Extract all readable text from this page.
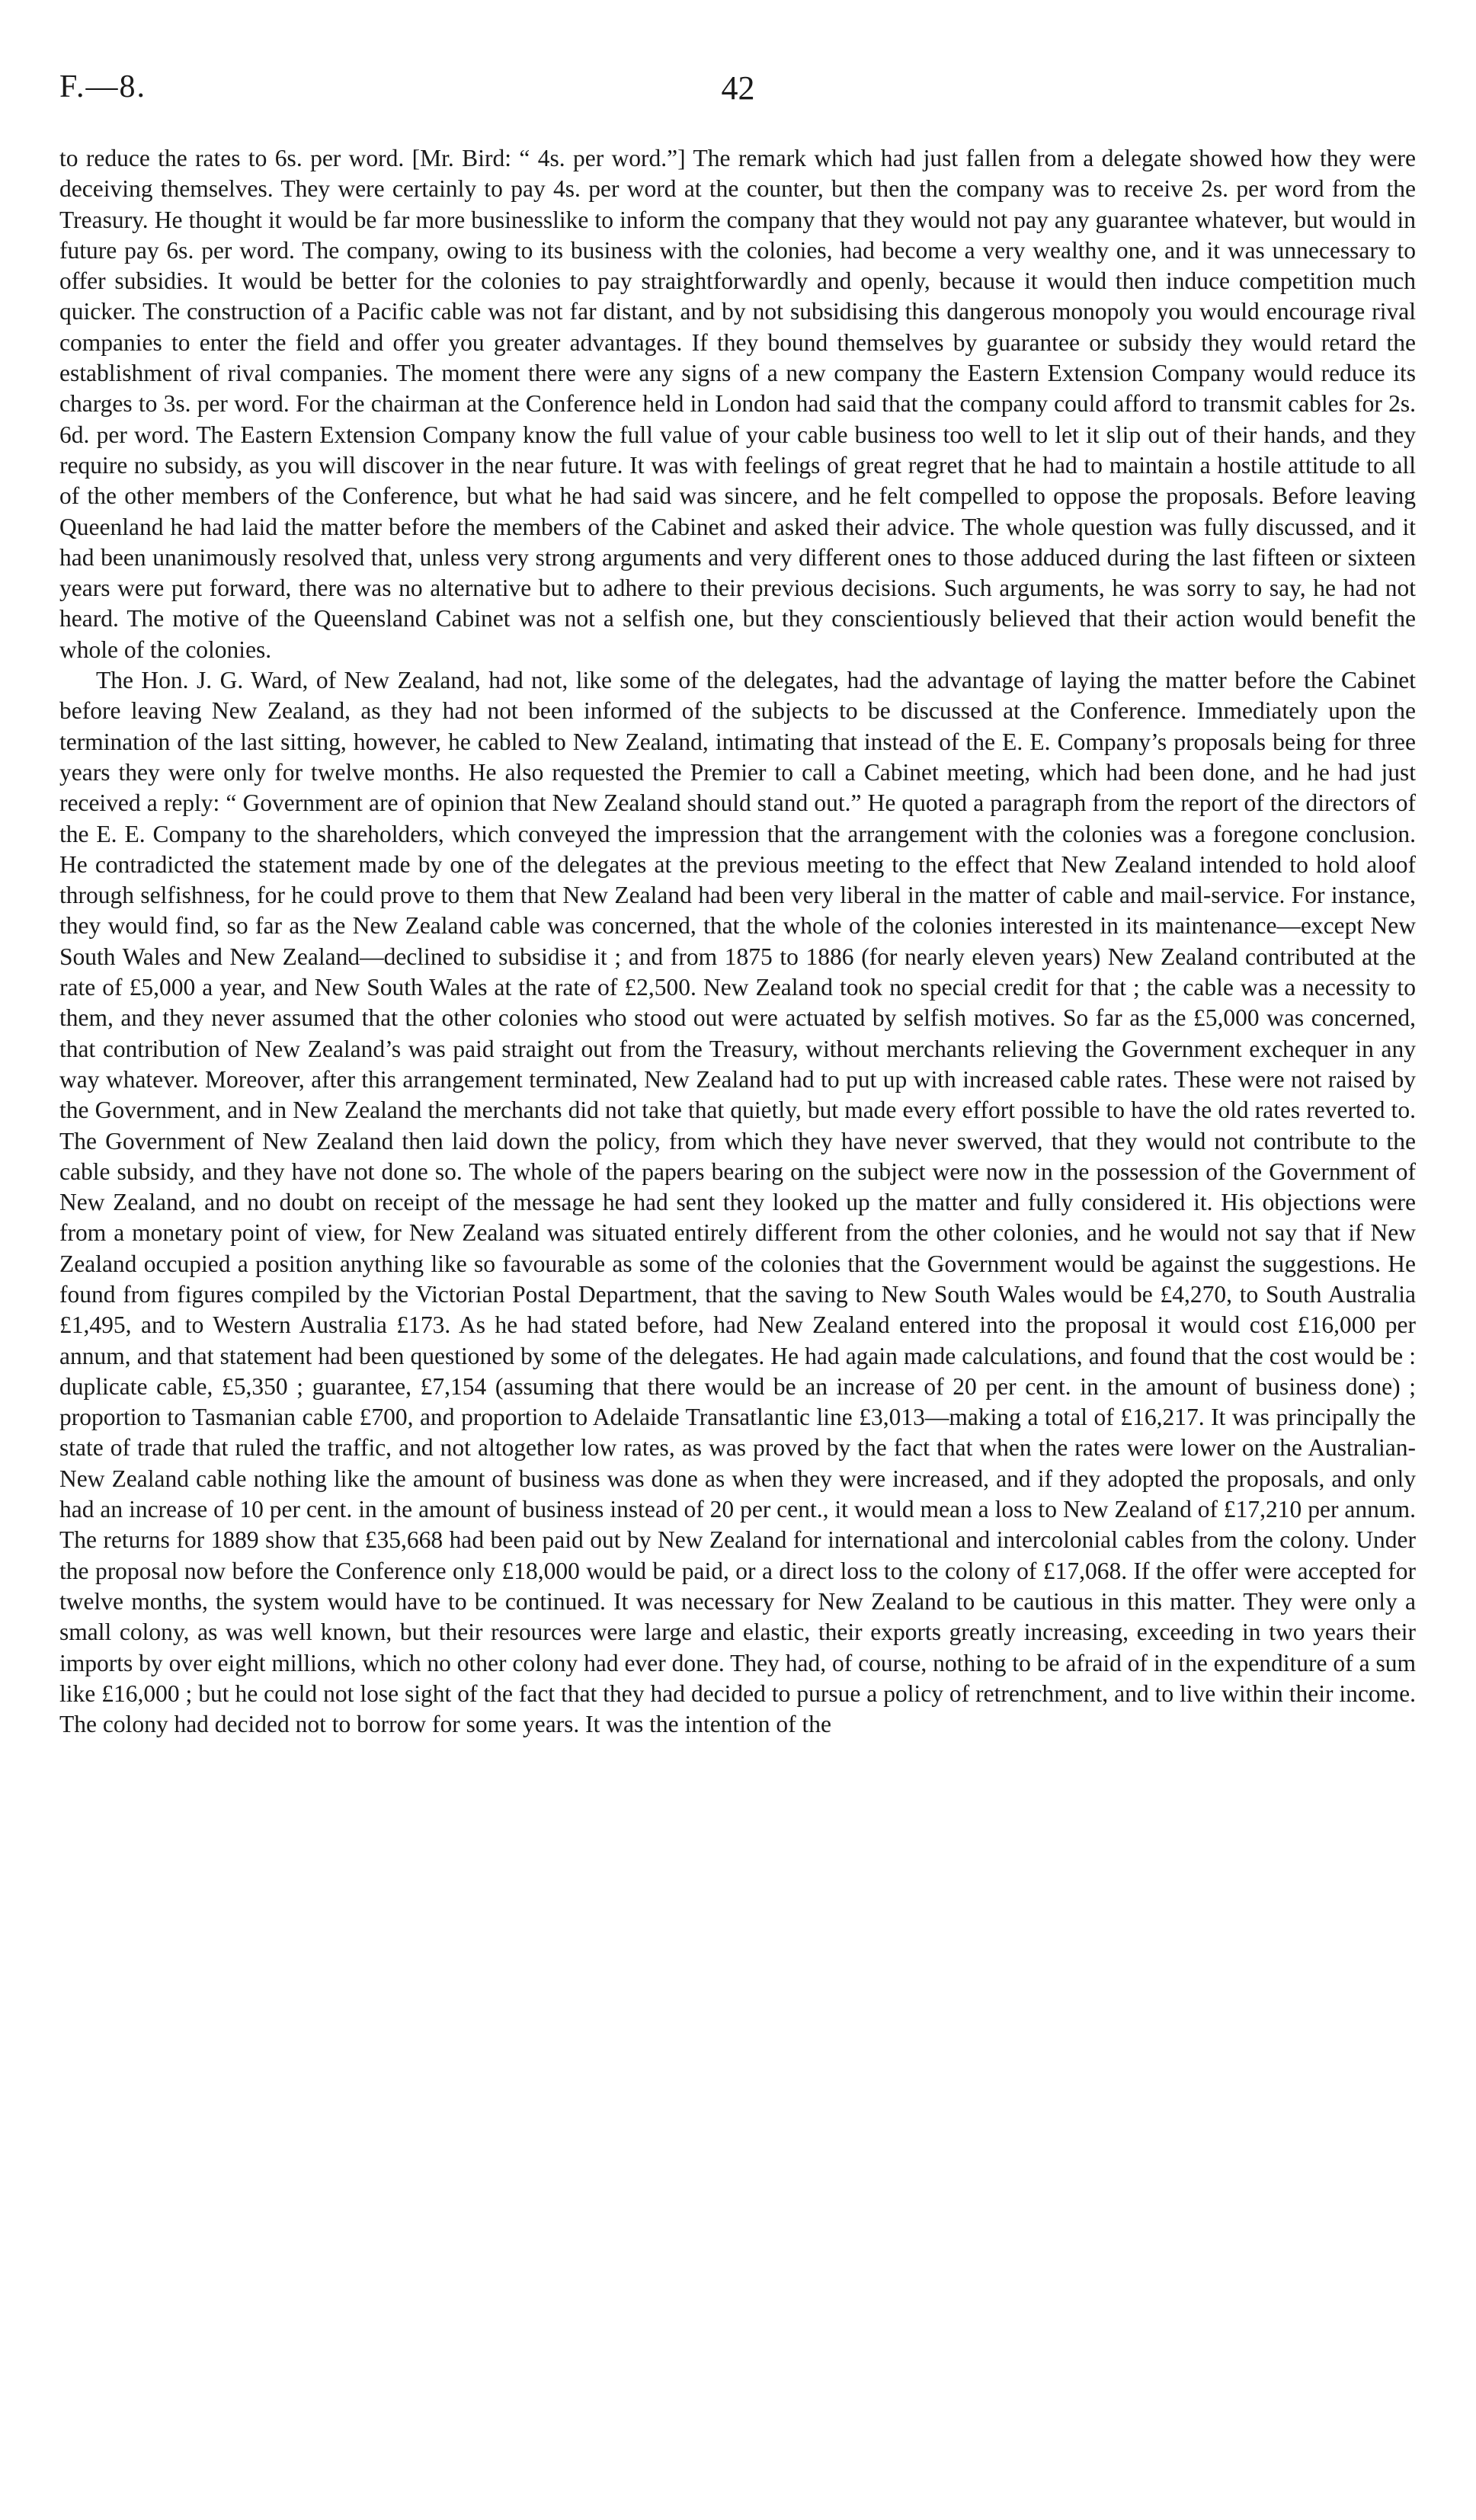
F.—8.	42

to reduce the rates to 6s. per word. [Mr. Bird: “ 4s. per word.”] The remark which had just fallen from a delegate showed how they were deceiving themselves. They were certainly to pay 4s. per word at the counter, but then the company was to receive 2s. per word from the Treasury. He thought it would be far more businesslike to inform the company that they would not pay any guarantee whatever, but would in future pay 6s. per word. The company, owing to its business with the colonies, had become a very wealthy one, and it was unnecessary to offer subsidies. It would be better for the colonies to pay straightforwardly and openly, because it would then induce competition much quicker. The construction of a Pacific cable was not far distant, and by not subsidising this dangerous monopoly you would encourage rival companies to enter the field and offer you greater advantages. If they bound themselves by guarantee or subsidy they would retard the establishment of rival companies. The moment there were any signs of a new company the Eastern Extension Company would reduce its charges to 3s. per word. For the chairman at the Conference held in London had said that the company could afford to transmit cables for 2s. 6d. per word. The Eastern Extension Company know the full value of your cable business too well to let it slip out of their hands, and they require no subsidy, as you will discover in the near future. It was with feelings of great regret that he had to maintain a hostile attitude to all of the other members of the Conference, but what he had said was sincere, and he felt compelled to oppose the proposals. Before leaving Queenland he had laid the matter before the members of the Cabinet and asked their advice. The whole question was fully discussed, and it had been unanimously resolved that, unless very strong arguments and very different ones to those adduced during the last fifteen or sixteen years were put forward, there was no alternative but to adhere to their previous decisions. Such arguments, he was sorry to say, he had not heard. The motive of the Queensland Cabinet was not a selfish one, but they conscientiously believed that their action would benefit the whole of the colonies.

The Hon. J. G. Ward, of New Zealand, had not, like some of the delegates, had the advantage of laying the matter before the Cabinet before leaving New Zealand, as they had not been informed of the subjects to be discussed at the Conference. Immediately upon the termination of the last sitting, however, he cabled to New Zealand, intimating that instead of the E. E. Company’s proposals being for three years they were only for twelve months. He also requested the Premier to call a Cabinet meeting, which had been done, and he had just received a reply: “ Government are of opinion that New Zealand should stand out.” He quoted a paragraph from the report of the directors of the E. E. Company to the shareholders, which conveyed the impression that the arrangement with the colonies was a foregone conclusion. He contradicted the statement made by one of the delegates at the previous meeting to the effect that New Zealand intended to hold aloof through selfishness, for he could prove to them that New Zealand had been very liberal in the matter of cable and mail-service. For instance, they would find, so far as the New Zealand cable was concerned, that the whole of the colonies interested in its maintenance—except New South Wales and New Zealand—declined to subsidise it ; and from 1875 to 1886 (for nearly eleven years) New Zealand contributed at the rate of £5,000 a year, and New South Wales at the rate of £2,500. New Zealand took no special credit for that ; the cable was a necessity to them, and they never assumed that the other colonies who stood out were actuated by selfish motives. So far as the £5,000 was concerned, that contribution of New Zealand’s was paid straight out from the Treasury, without merchants relieving the Government exchequer in any way whatever. Moreover, after this arrangement terminated, New Zealand had to put up with increased cable rates. These were not raised by the Government, and in New Zealand the merchants did not take that quietly, but made every effort possible to have the old rates reverted to. The Government of New Zealand then laid down the policy, from which they have never swerved, that they would not contribute to the cable subsidy, and they have not done so. The whole of the papers bearing on the subject were now in the possession of the Government of New Zealand, and no doubt on receipt of the message he had sent they looked up the matter and fully considered it. His objections were from a monetary point of view, for New Zealand was situated entirely different from the other colonies, and he would not say that if New Zealand occupied a position anything like so favourable as some of the colonies that the Government would be against the suggestions. He found from figures compiled by the Victorian Postal Department, that the saving to New South Wales would be £4,270, to South Australia £1,495, and to Western Australia £173. As he had stated before, had New Zealand entered into the proposal it would cost £16,000 per annum, and that statement had been questioned by some of the delegates. He had again made calculations, and found that the cost would be : duplicate cable, £5,350 ; guarantee, £7,154 (assuming that there would be an increase of 20 per cent. in the amount of business done) ; proportion to Tasmanian cable £700, and proportion to Adelaide Transatlantic line £3,013—making a total of £16,217. It was principally the state of trade that ruled the traffic, and not altogether low rates, as was proved by the fact that when the rates were lower on the Australian-New Zealand cable nothing like the amount of business was done as when they were increased, and if they adopted the proposals, and only had an increase of 10 per cent. in the amount of business instead of 20 per cent., it would mean a loss to New Zealand of £17,210 per annum. The returns for 1889 show that £35,668 had been paid out by New Zealand for international and intercolonial cables from the colony. Under the proposal now before the Conference only £18,000 would be paid, or a direct loss to the colony of £17,068. If the offer were accepted for twelve months, the system would have to be continued. It was necessary for New Zealand to be cautious in this matter. They were only a small colony, as was well known, but their resources were large and elastic, their exports greatly increasing, exceeding in two years their imports by over eight millions, which no other colony had ever done. They had, of course, nothing to be afraid of in the expenditure of a sum like £16,000 ; but he could not lose sight of the fact that they had decided to pursue a policy of retrenchment, and to live within their income. The colony had decided not to borrow for some years. It was the intention of the
